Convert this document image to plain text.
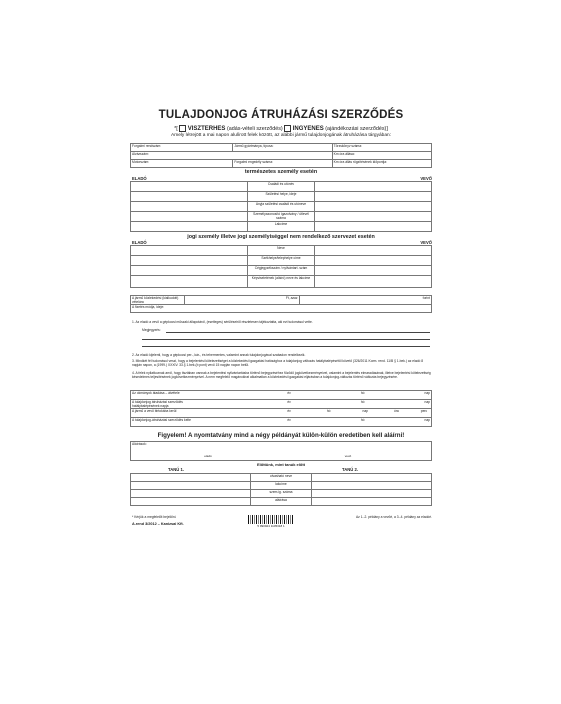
TULAJDONJOG ÁTRUHÁZÁSI SZERZŐDÉS
*[ VISZTERHES (adás-vételi szerződés) INGYENES (ajándékozási szerződés)]
Amely létrejött a mai napon alulírott felek között, az alábbi jármű tulajdonjogának átruházása tárgyában:
Forgalmi rendszám:	Jármű gyártmánya, típusa:	Törzskönyv száma:
Alvázszám:		Km óra állása:
Motorszám:	Forgalmi engedély száma:	Km óra állás rögzítésének időpontja:
természetes személy esetén
ELADÓ	VEVŐ
	Családi és utónév	
	Születési helye, ideje	
	Anyja születési családi és utóneve	
	Személyazonosító igazolvány / útlevél száma	
	Lakcíme	
jogi személy illetve jogi személyiséggel nem rendelkező szervezet esetén
ELADÓ	VEVŐ
	Neve	
	Székhelye/telephelye címe	
	Cégjegyzékszám / nyilvántart. szám	
	Képviseletének (aláíró) neve és lakcíme	
A jármű közlekedési (kialkudott) vételára	Ft, azaz	forint
A fizetés módja, ideje:
1. Az eladó a vevő a gépkocsi műszaki állapotáról, (esetleges) sérüléseiről részletesen tájékoztatta, aki ezt tudomásul vette.
Megjegyzés:
2. Az eladó kijelenti, hogy a gépkocsi per-, kár-, és tehermentes, valamint annak tulajdonjogával szabadon rendelkezik.
3. Mindkét fél tudomásul veszi, hogy a bejelentési kötelezettséget a közlekedési igazgatási hatósághoz a tulajdonjog változás hatálybalépésétől követő (326/2011 Korm. rend. 11/B § 1.bek.) az eladó 8 napján napon, a (1999.) XXXIV. 33.§ 1.bek.(b pont) vevő 15 napján napon belül.
4. A felek nyilatkoznak arról, hogy tisztában vannak a bejelentési nyilvántartásba történő bejegyzéséhez fűződő jogkövetkezményeivel, valamint a bejelentés elmaradásának, illetve bejelentési kötelezettség késedelmes teljesítésének jogkövetkezményeivel. A nem megfelelő magánokirat alkalmatlan a közlekedési igazgatási eljárásban a tulajdonjog-változás történő változás bejegyzésére.
Az okmányok átadása – átvétele	év hó nap
A tulajdonjog átruházási szerződés hatálybalépésének napja	év hó nap
A jármű a vevő birtokába kerül	év hó nap óra perc
A tulajdonjog-átruházási szerződés kelte	év hó nap
Figyelem! A nyomtatvány mind a négy példányát külön-külön eredetiben kell aláírni!
Aláírások:
eladó	vevő
Előttünk, mint tanúk előtt
TANÚ 1.	TANÚ 2.
	olvasható neve	
	lakcíme	
	szem.ig. száma	
	aláírása	
* Kérjük a megfelelőt bejelölni.
A.rend 3/2012 – Kanizsai Kft.	5 990924 1105318 1
Az 1.-2. példány a vevőé, a 3.-4. példány az eladóé.
